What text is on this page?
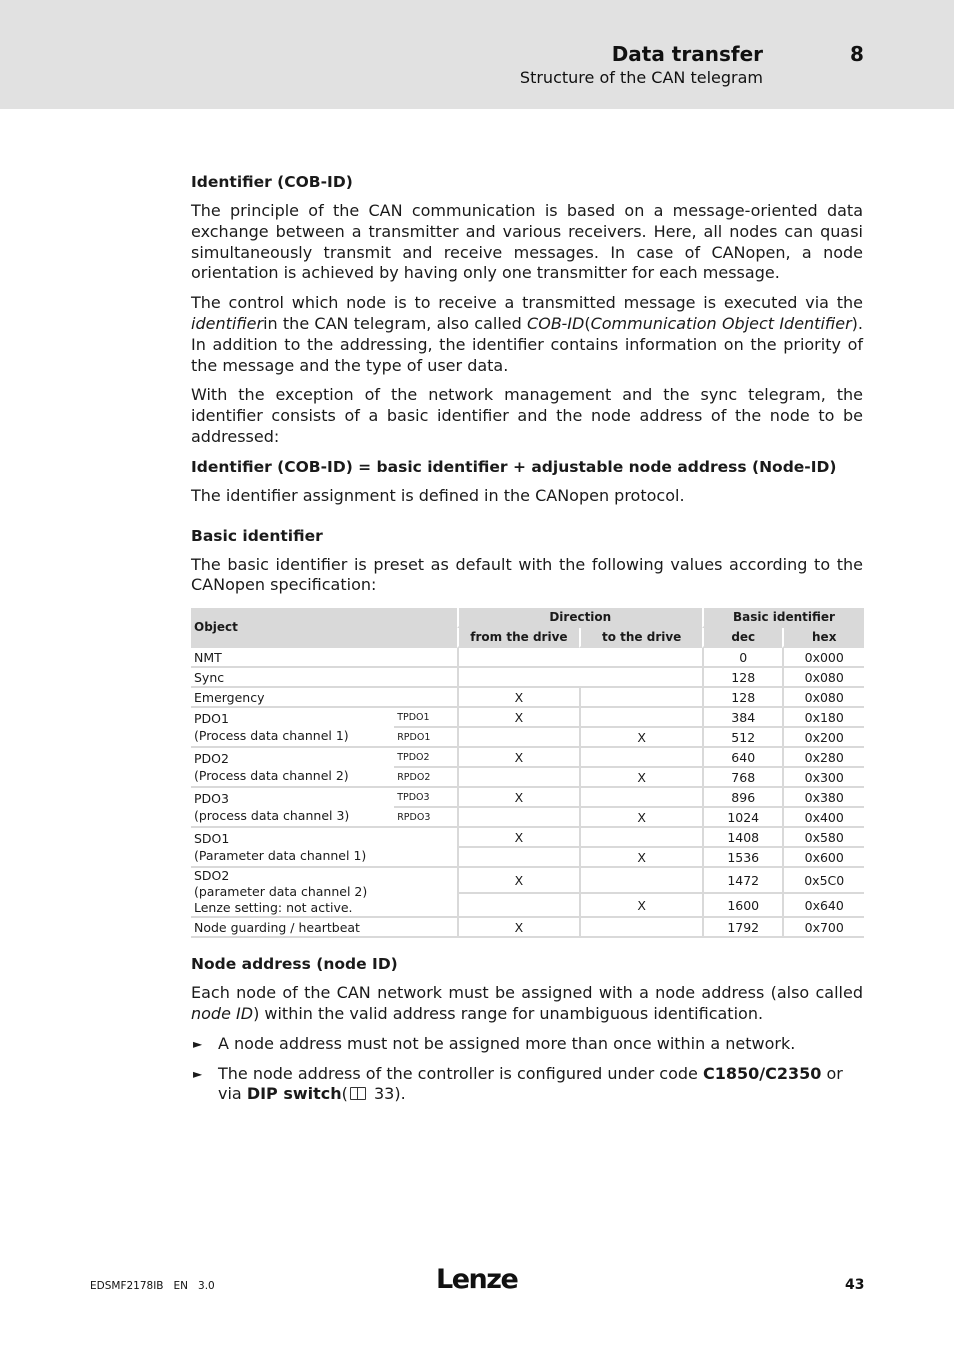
Data transfer	8
Structure of the CAN telegram
Identifier (COB-ID)

The principle of the CAN communication is based on a message-oriented data exchange between a transmitter and various receivers. Here, all nodes can quasi simultaneously transmit and receive messages. In case of CANopen, a node orientation is achieved by having only one transmitter for each message.

The control which node is to receive a transmitted message is executed via the identifierin the CAN telegram, also called COB-ID(Communication Object Identifier). In addition to the addressing, the identifier contains information on the priority of the message and the type of user data.

With the exception of the network management and the sync telegram, the identifier consists of a basic identifier and the node address of the node to be addressed:

Identifier (COB-ID) = basic identifier + adjustable node address (Node-ID)

The identifier assignment is defined in the CANopen protocol.

Basic identifier

The basic identifier is preset as default with the following values according to the CANopen specification:

Object		Direction		Basic identifier	
		from the drive	to the drive	dec	hex
NMT				0	0x000
Sync				128	0x080
Emergency		X		128	0x080
PDO1
(Process data channel 1)	TPDO1	X		384	0x180
	RPDO1		X	512	0x200
PDO2
(Process data channel 2)	TPDO2	X		640	0x280
	RPDO2		X	768	0x300
PDO3
(process data channel 3)	TPDO3	X		896	0x380
	RPDO3		X	1024	0x400
SDO1
(Parameter data channel 1)		X		1408	0x580
			X	1536	0x600
SDO2
(parameter data channel 2)
Lenze setting: not active.		X		1472	0x5C0
			X	1600	0x640
Node guarding / heartbeat		X		1792	0x700
Node address (node ID)

Each node of the CAN network must be assigned with a node address (also called node ID) within the valid address range for unambiguous identification.

► A node address must not be assigned more than once within a network.
► The node address of the controller is configured under code C1850/C2350 or via DIP switch( 33).
EDSMF2178IB EN 3.0	Lenze	43
